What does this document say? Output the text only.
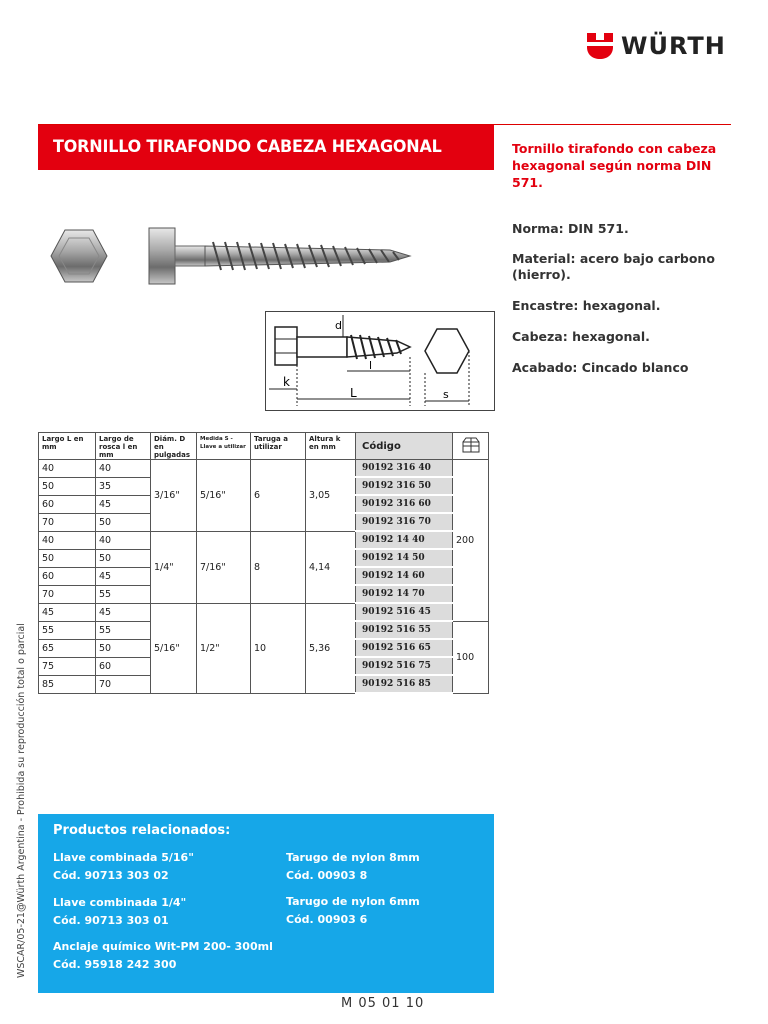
WÜRTH
TORNILLO TIRAFONDO CABEZA HEXAGONAL	Tornillo tirafondo con cabeza hexagonal según norma DIN 571.
Norma: DIN 571.
Material: acero bajo carbono (hierro).
Encastre: hexagonal.
Cabeza: hexagonal.
Acabado: Cincado blanco
d
l
k
L	s
Largo L en mm	Largo de rosca l en mm	Diám. D en pulgadas	Medida S - Llave a utilizar	Taruga a utilizar	Altura k en mm	Código	
40	40	3/16"	5/16"	6	3,05	90192 316 40	200
50	35					90192 316 50	
60	45					90192 316 60	
70	50					90192 316 70	
40	40	1/4"	7/16"	8	4,14	90192 14 40	
50	50					90192 14 50	
60	45					90192 14 60	
70	55					90192 14 70	
45	45	5/16"	1/2"	10	5,36	90192 516 45	
55	55					90192 516 55	100
65	50					90192 516 65	
75	60					90192 516 75	
85	70					90192 516 85	
WSCAR/05-21@Würth Argentina - Prohibida su reproducción total o parcial Productos relacionados:
Llave combinada 5/16"
Cód. 90713 303 02
Tarugo de nylon 8mm
Cód. 00903 8
Llave combinada 1/4"
Cód. 90713 303 01
Tarugo de nylon 6mm
Cód. 00903 6
Anclaje químico Wit-PM 200- 300ml
Cód. 95918 242 300
M 05 01 10
